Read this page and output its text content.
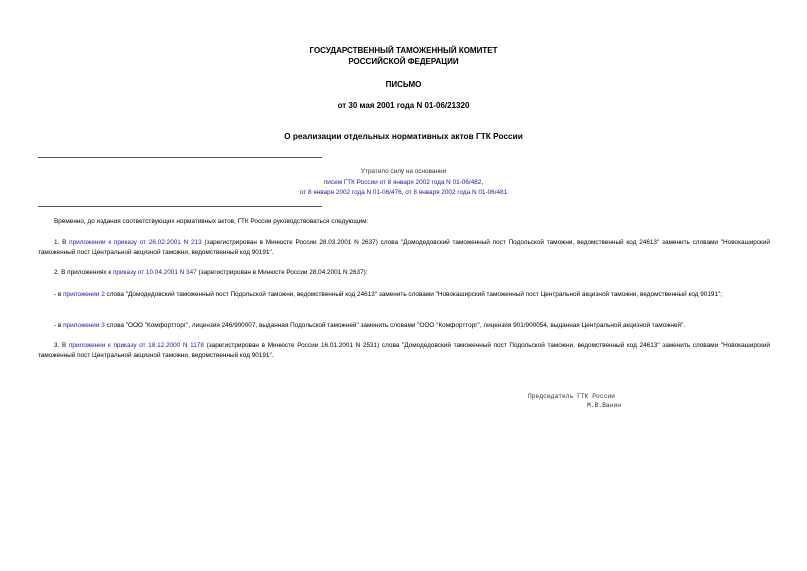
ГОСУДАРСТВЕННЫЙ ТАМОЖЕННЫЙ КОМИТЕТ
РОССИЙСКОЙ ФЕДЕРАЦИИ
ПИСЬМО
от 30 мая 2001 года N 01-06/21320
О реализации отдельных нормативных актов ГТК России
Утратило силу на основании
писем ГТК России от 8 января 2002 года N 01-06/482,
от 8 января 2002 года N 01-06/476, от 8 января 2002 года N 01-06/481
Временно, до издания соответствующих нормативных актов, ГТК России руководствоваться следующим:
1. В приложении к приказу от 26.02.2001 N 213 (зарегистрирован в Минюсте России 28.03.2001 N 2637) слова "Домодедовский таможенный пост Подольской таможни, ведомственный код 24613" заменить словами "Новокаширский таможенный пост Центральной акцизной таможни, ведомственный код 90191".
2. В приложениях к приказу от 10.04.2001 N 347 (зарегистрирован в Минюсте России 28.04.2001 N 2637):
- в приложении 2 слова "Домодедовский таможенный пост Подольской таможни, ведомственный код 24613" заменить словами "Новокаширский таможенный пост Центральной акцизной таможни, ведомственный код 90191";
- в приложении 3 слова "ООО "Комфортторг", лицензия 246/900007, выданная Подольской таможней" заменить словами "ООО "Комфортторг", лицензия 901/900054, выданная Центральной акцизной таможней".
3. В приложении к приказу от 18.12.2000 N 1178 (зарегистрирован в Минюсте России 16.01.2001 N 2531) слова "Домодедовский таможенный пост Подольской таможни, ведомственный код 24613" заменить словами "Новокаширский таможенный пост Центральной акцизной таможни, ведомственный код 90191".
Председатель ГТК России
М.В.Ванин
